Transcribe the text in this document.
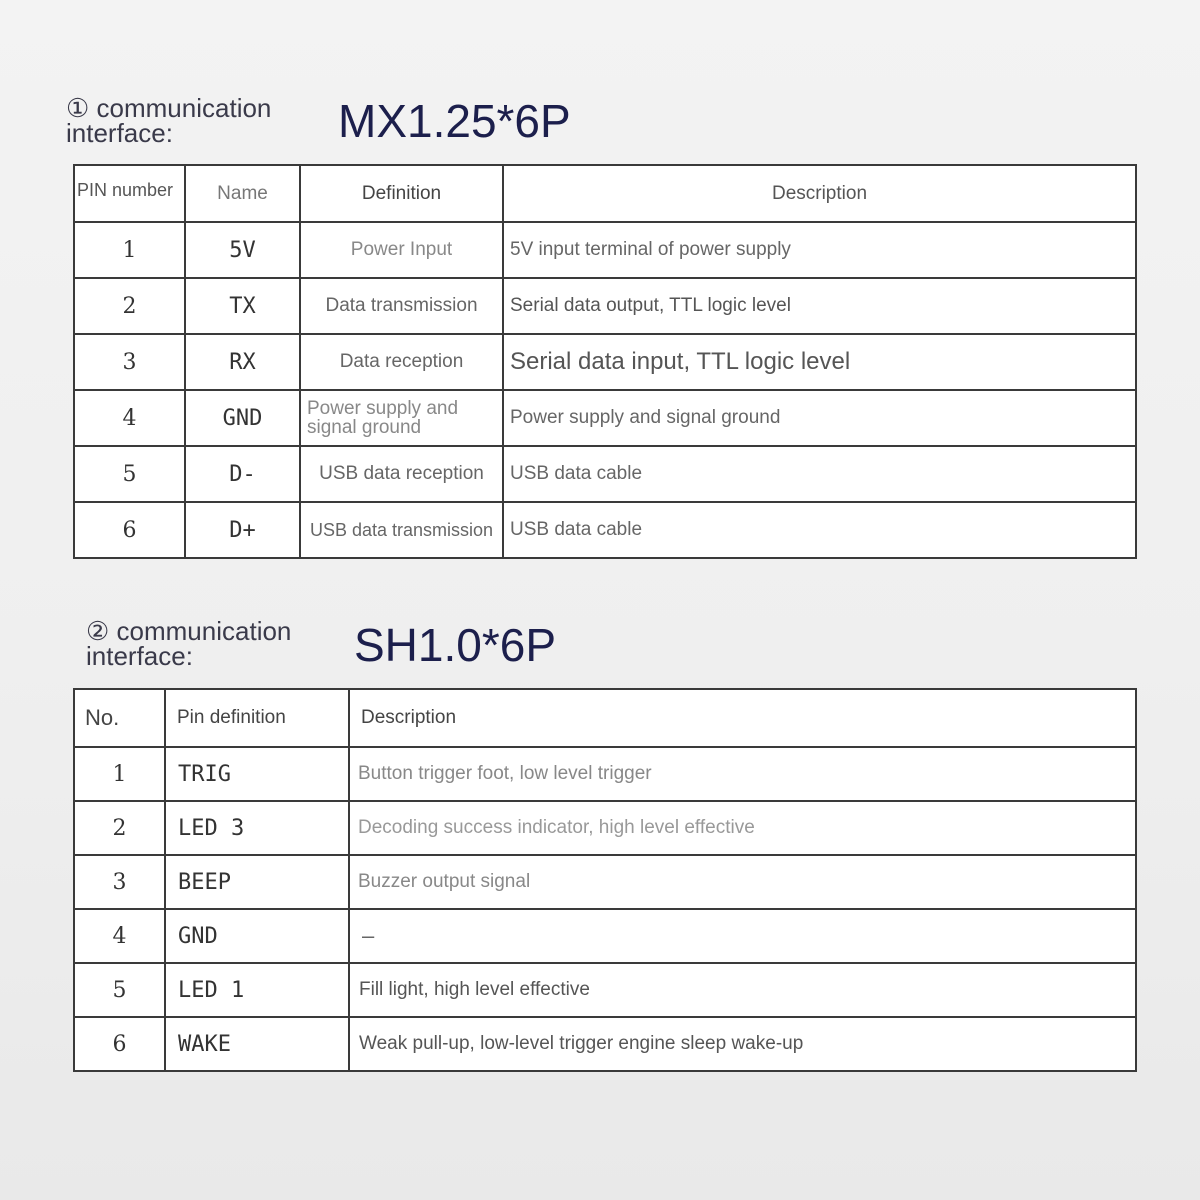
① communication interface:	MX1.25*6P
PIN number	Name	Definition	Description
1	5V	Power Input	5V input terminal of power supply
2	TX	Data transmission	Serial data output, TTL logic level
3	RX	Data reception	Serial data input, TTL logic level
4	GND	Power supply and signal ground	Power supply and signal ground
5	D-	USB data reception	USB data cable
6	D+	USB data transmission	USB data cable
② communication interface:	SH1.0*6P
No.	Pin definition	Description
1	TRIG	Button trigger foot, low level trigger
2	LED 3	Decoding success indicator, high level effective
3	BEEP	Buzzer output signal
4	GND	–
5	LED 1	Fill light, high level effective
6	WAKE	Weak pull-up, low-level trigger engine sleep wake-up
